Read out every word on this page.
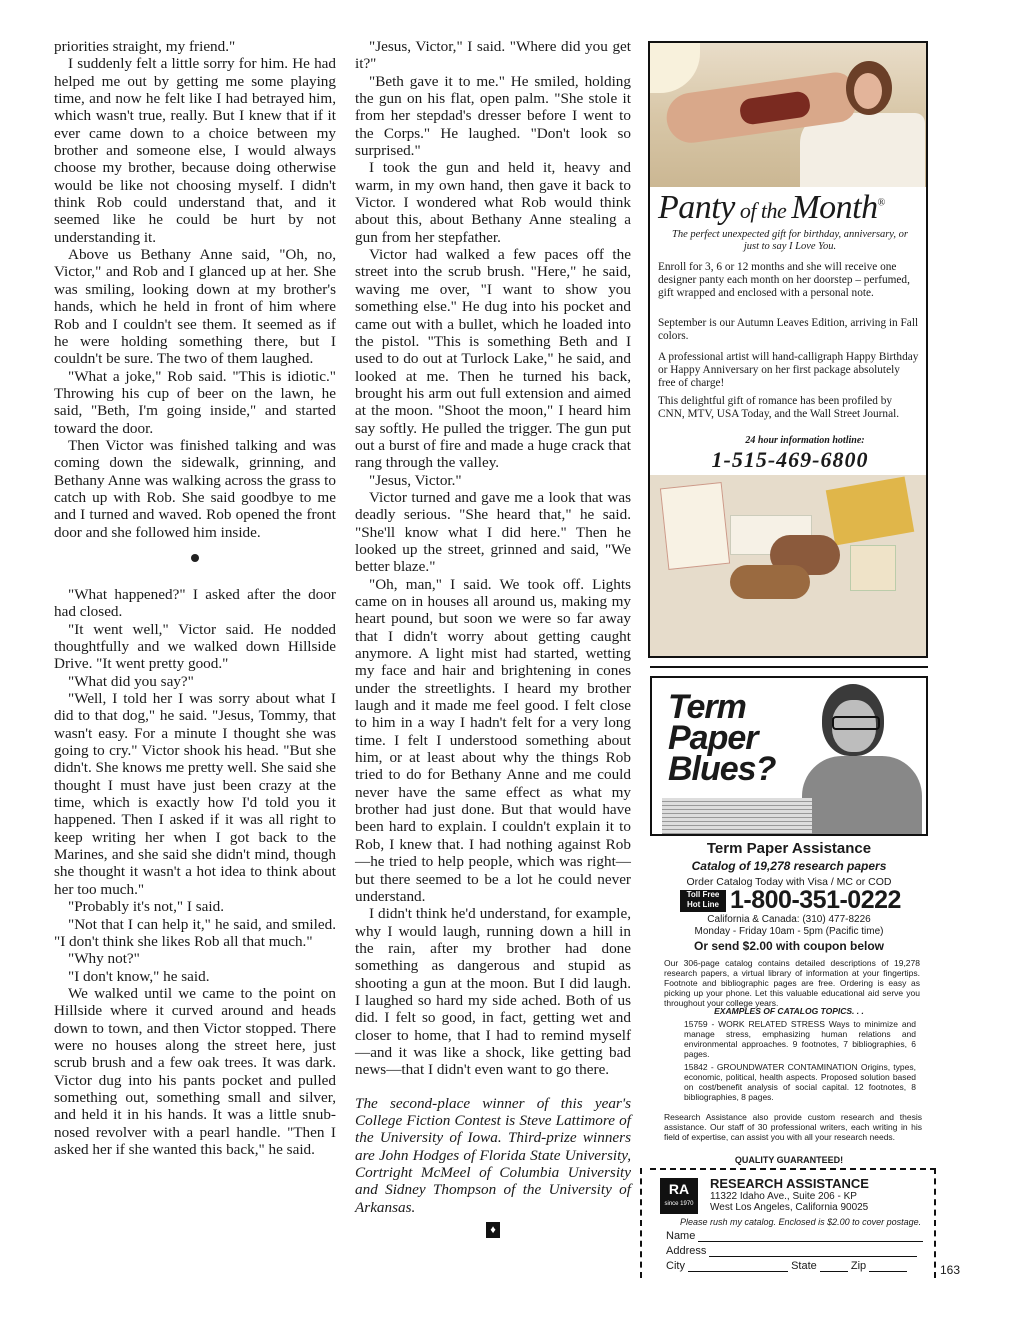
priorities straight, my friend."

I suddenly felt a little sorry for him. He had helped me out by getting me some playing time, and now he felt like I had betrayed him, which wasn't true, really. But I knew that if it ever came down to a choice between my brother and someone else, I would always choose my brother, because doing otherwise would be like not choosing myself. I didn't think Rob could understand that, and it seemed like he could be hurt by not understanding it.

Above us Bethany Anne said, "Oh, no, Victor," and Rob and I glanced up at her. She was smiling, looking down at my brother's hands, which he held in front of him where Rob and I couldn't see them. It seemed as if he were holding something there, but I couldn't be sure. The two of them laughed.

"What a joke," Rob said. "This is idiotic." Throwing his cup of beer on the lawn, he said, "Beth, I'm going inside," and started toward the door.

Then Victor was finished talking and was coming down the sidewalk, grinning, and Bethany Anne was walking across the grass to catch up with Rob. She said goodbye to me and I turned and waved. Rob opened the front door and she followed him inside.

"What happened?" I asked after the door had closed.

"It went well," Victor said. He nodded thoughtfully and we walked down Hillside Drive. "It went pretty good."

"What did you say?"

"Well, I told her I was sorry about what I did to that dog," he said. "Jesus, Tommy, that wasn't easy. For a minute I thought she was going to cry." Victor shook his head. "But she didn't. She knows me pretty well. She said she thought I must have just been crazy at the time, which is exactly how I'd told you it happened. Then I asked if it was all right to keep writing her when I got back to the Marines, and she said she didn't mind, though she thought it wasn't a hot idea to think about her too much."

"Probably it's not," I said.

"Not that I can help it," he said, and smiled. "I don't think she likes Rob all that much."

"Why not?"

"I don't know," he said.

We walked until we came to the point on Hillside where it curved around and heads down to town, and then Victor stopped. There were no houses along the street here, just scrub brush and a few oak trees. It was dark. Victor dug into his pants pocket and pulled something out, something small and silver, and held it in his hands. It was a little snub-nosed revolver with a pearl handle. "Then I asked her if she wanted this back," he said.

"Jesus, Victor," I said. "Where did you get it?"

"Beth gave it to me." He smiled, holding the gun on his flat, open palm. "She stole it from her stepdad's dresser before I went to the Corps." He laughed. "Don't look so surprised."

I took the gun and held it, heavy and warm, in my own hand, then gave it back to Victor. I wondered what Rob would think about this, about Bethany Anne stealing a gun from her stepfather.

Victor had walked a few paces off the street into the scrub brush. "Here," he said, waving me over, "I want to show you something else." He dug into his pocket and came out with a bullet, which he loaded into the pistol. "This is something Beth and I used to do out at Turlock Lake," he said, and looked at me. Then he turned his back, brought his arm out full extension and aimed at the moon. "Shoot the moon," I heard him say softly. He pulled the trigger. The gun put out a burst of fire and made a huge crack that rang through the valley.

"Jesus, Victor."

Victor turned and gave me a look that was deadly serious. "She heard that," he said. "She'll know what I did here." Then he looked up the street, grinned and said, "We better blaze."

"Oh, man," I said. We took off. Lights came on in houses all around us, making my heart pound, but soon we were so far away that I didn't worry about getting caught anymore. A light mist had started, wetting my face and hair and brightening in cones under the streetlights. I heard my brother laugh and it made me feel good. I felt close to him in a way I hadn't felt for a very long time. I felt I understood something about him, or at least about why the things Rob tried to do for Bethany Anne and me could never have the same effect as what my brother had just done. But that would have been hard to explain. I couldn't explain it to Rob, I knew that. I had nothing against Rob—he tried to help people, which was right—but there seemed to be a lot he could never understand.

I didn't think he'd understand, for example, why I would laugh, running down a hill in the rain, after my brother had done something as dangerous and stupid as shooting a gun at the moon. But I did laugh. I laughed so hard my side ached. Both of us did. I felt so good, in fact, getting wet and closer to home, that I had to remind myself—and it was like a shock, like getting bad news—that I didn't even want to go there.

The second-place winner of this year's College Fiction Contest is Steve Lattimore of the University of Iowa. Third-prize winners are John Hodges of Florida State University, Cortright McMeel of Columbia University and Sidney Thompson of the University of Arkansas.

♦
Panty of the Month®
The perfect unexpected gift for birthday, anniversary, or just to say I Love You.
Enroll for 3, 6 or 12 months and she will receive one designer panty each month on her doorstep – perfumed, gift wrapped and enclosed with a personal note.
September is our Autumn Leaves Edition, arriving in Fall colors.
A professional artist will hand-calligraph Happy Birthday or Happy Anniversary on her first package absolutely free of charge!
This delightful gift of romance has been profiled by CNN, MTV, USA Today, and the Wall Street Journal.
24 hour information hotline:
1-515-469-6800
Term
Paper
Blues?
Term Paper Assistance
Catalog of 19,278 research papers
Order Catalog Today with Visa / MC or COD
Toll Free Hot Line 1-800-351-0222
California & Canada: (310) 477-8226
Monday - Friday 10am - 5pm (Pacific time)
Or send $2.00 with coupon below
Our 306-page catalog contains detailed descriptions of 19,278 research papers, a virtual library of information at your fingertips. Footnote and bibliographic pages are free. Ordering is easy as picking up your phone. Let this valuable educational aid serve you throughout your college years.
EXAMPLES OF CATALOG TOPICS. . .
15759 - WORK RELATED STRESS Ways to minimize and manage stress, emphasizing human relations and environmental approaches. 9 footnotes, 7 bibliographies, 6 pages.
15842 - GROUNDWATER CONTAMINATION Origins, types, economic, political, health aspects. Proposed solution based on cost/benefit analysis of social capital. 12 footnotes, 8 bibliographies, 8 pages.
Research Assistance also provide custom research and thesis assistance. Our staff of 30 professional writers, each writing in his field of expertise, can assist you with all your research needs.
QUALITY GUARANTEED!
RA
since 1970
RESEARCH ASSISTANCE
11322 Idaho Ave., Suite 206 - KP
West Los Angeles, California 90025
Please rush my catalog. Enclosed is $2.00 to cover postage.
Name
Address
City	State	Zip	163
